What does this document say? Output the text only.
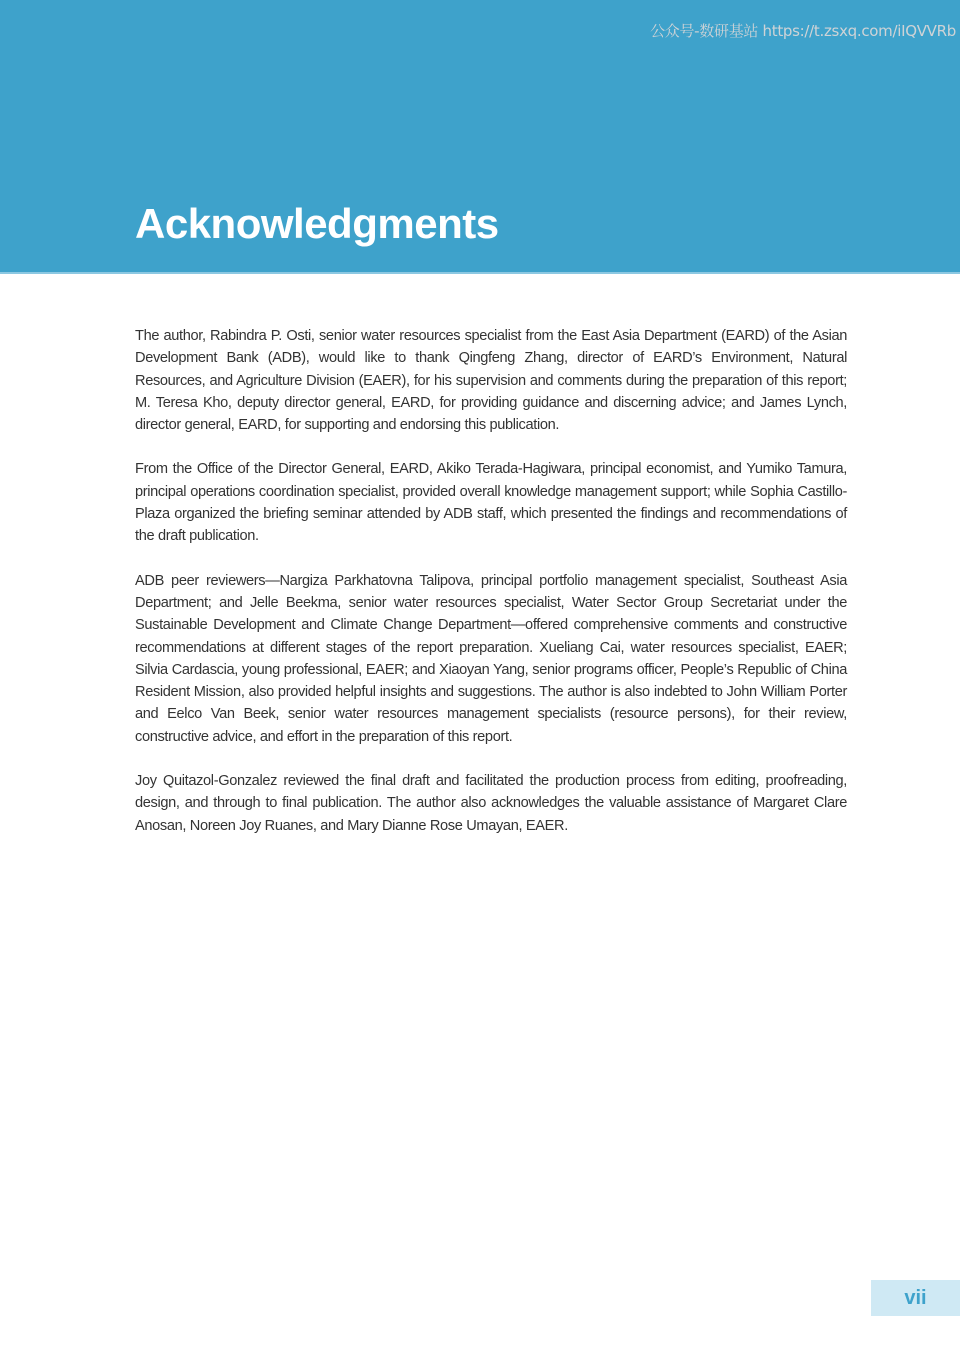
公众号-数研基站 https://t.zsxq.com/iIQVVRb
Acknowledgments

The author, Rabindra P. Osti, senior water resources specialist from the East Asia Department (EARD) of the Asian Development Bank (ADB), would like to thank Qingfeng Zhang, director of EARD’s Environment, Natural Resources, and Agriculture Division (EAER), for his supervision and comments during the preparation of this report; M. Teresa Kho, deputy director general, EARD, for providing guidance and discerning advice; and James Lynch, director general, EARD, for supporting and endorsing this publication.

From the Office of the Director General, EARD, Akiko Terada-Hagiwara, principal economist, and Yumiko Tamura, principal operations coordination specialist, provided overall knowledge management support; while Sophia Castillo-Plaza organized the briefing seminar attended by ADB staff, which presented the findings and recommendations of the draft publication.

ADB peer reviewers—Nargiza Parkhatovna Talipova, principal portfolio management specialist, Southeast Asia Department; and Jelle Beekma, senior water resources specialist, Water Sector Group Secretariat under the Sustainable Development and Climate Change Department—offered comprehensive comments and constructive recommendations at different stages of the report preparation. Xueliang Cai, water resources specialist, EAER; Silvia Cardascia, young professional, EAER; and Xiaoyan Yang, senior programs officer, People’s Republic of China Resident Mission, also provided helpful insights and suggestions. The author is also indebted to John William Porter and Eelco Van Beek, senior water resources management specialists (resource persons), for their review, constructive advice, and effort in the preparation of this report.

Joy Quitazol-Gonzalez reviewed the final draft and facilitated the production process from editing, proofreading, design, and through to final publication. The author also acknowledges the valuable assistance of Margaret Clare Anosan, Noreen Joy Ruanes, and Mary Dianne Rose Umayan, EAER.

vii
